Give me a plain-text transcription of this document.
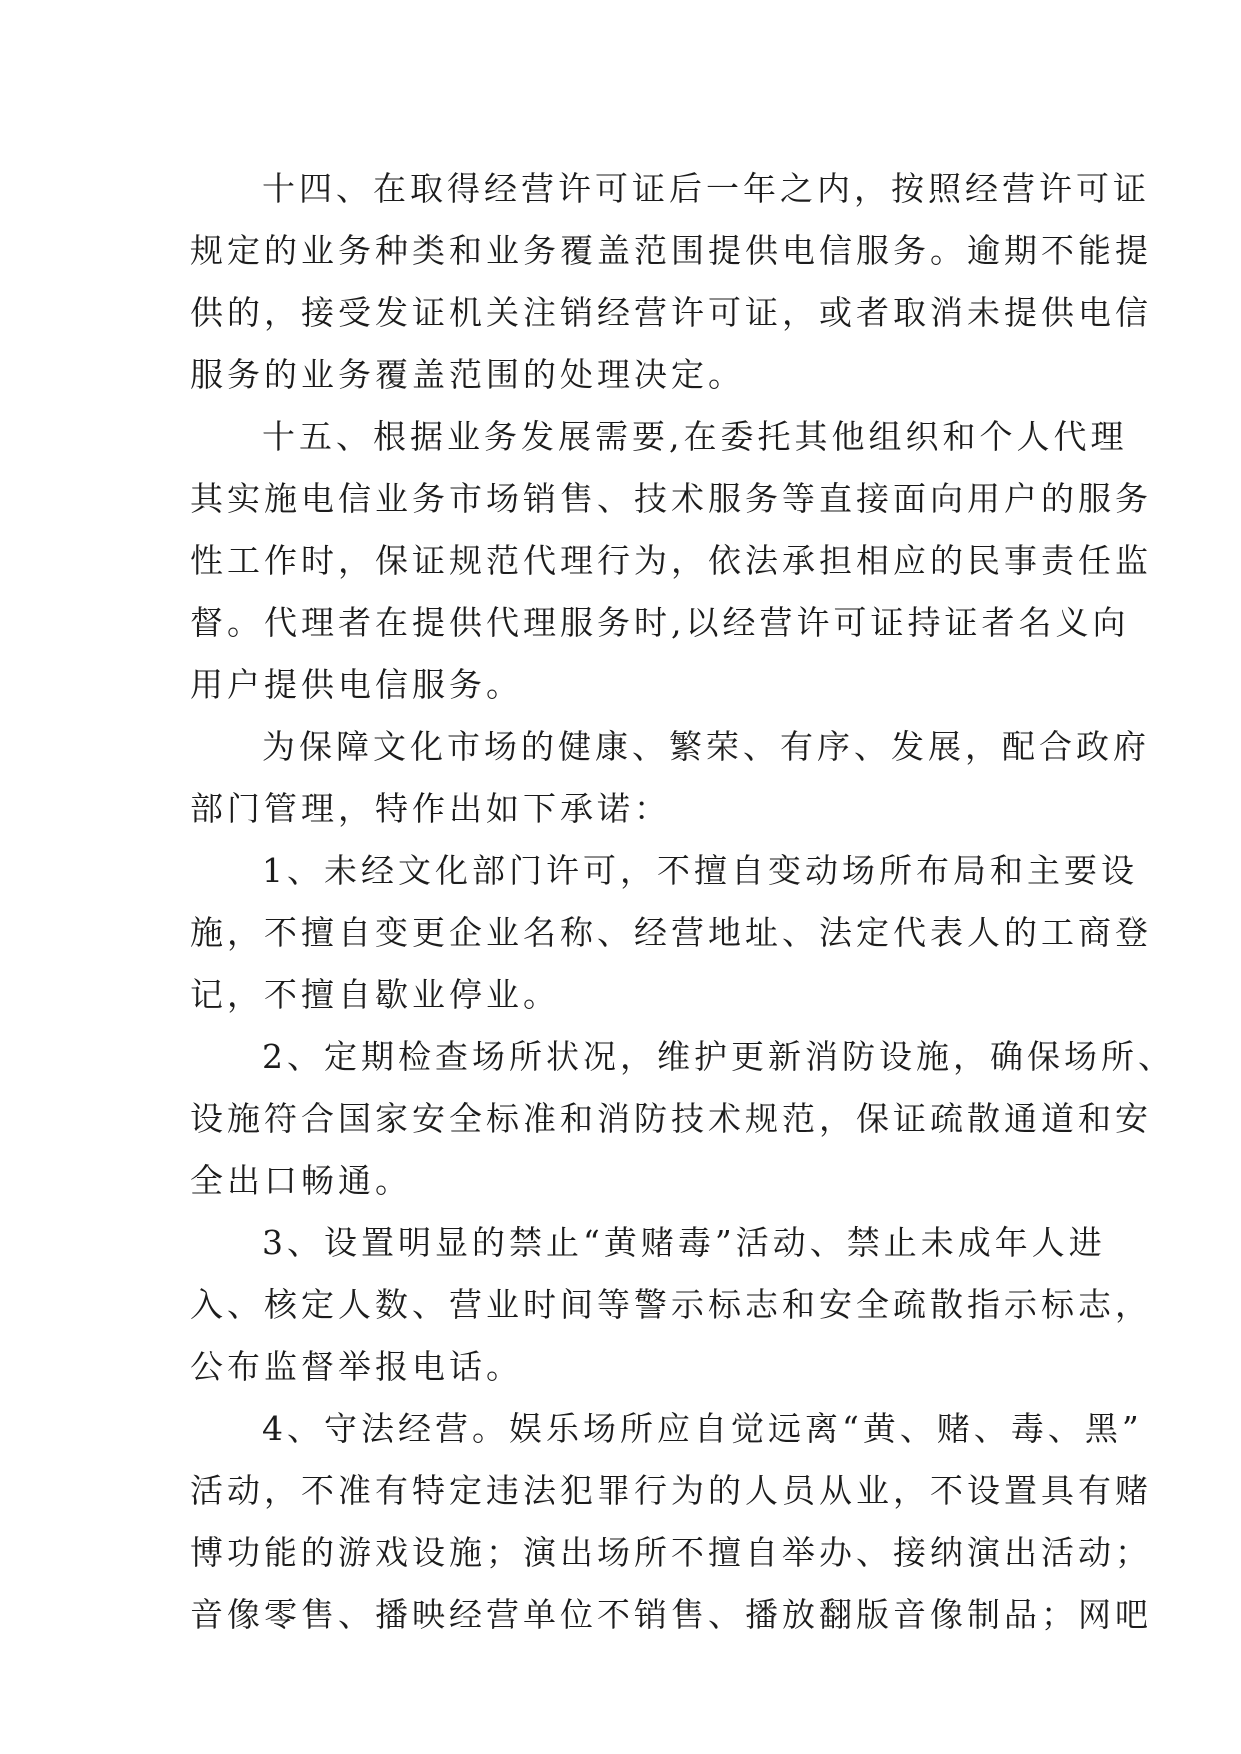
十四、在取得经营许可证后一年之内，按照经营许可证
规定的业务种类和业务覆盖范围提供电信服务。逾期不能提
供的，接受发证机关注销经营许可证，或者取消未提供电信
服务的业务覆盖范围的处理决定。
十五、根据业务发展需要,在委托其他组织和个人代理
其实施电信业务市场销售、技术服务等直接面向用户的服务
性工作时，保证规范代理行为，依法承担相应的民事责任监
督。代理者在提供代理服务时,以经营许可证持证者名义向
用户提供电信服务。
为保障文化市场的健康、繁荣、有序、发展，配合政府
部门管理，特作出如下承诺：
1、未经文化部门许可，不擅自变动场所布局和主要设
施，不擅自变更企业名称、经营地址、法定代表人的工商登
记，不擅自歇业停业。
2、定期检查场所状况，维护更新消防设施，确保场所、
设施符合国家安全标准和消防技术规范，保证疏散通道和安
全出口畅通。
3、设置明显的禁止“黄赌毒”活动、禁止未成年人进
入、核定人数、营业时间等警示标志和安全疏散指示标志，
公布监督举报电话。
4、守法经营。娱乐场所应自觉远离“黄、赌、毒、黑”
活动，不准有特定违法犯罪行为的人员从业，不设置具有赌
博功能的游戏设施；演出场所不擅自举办、接纳演出活动；
音像零售、播映经营单位不销售、播放翻版音像制品；网吧
